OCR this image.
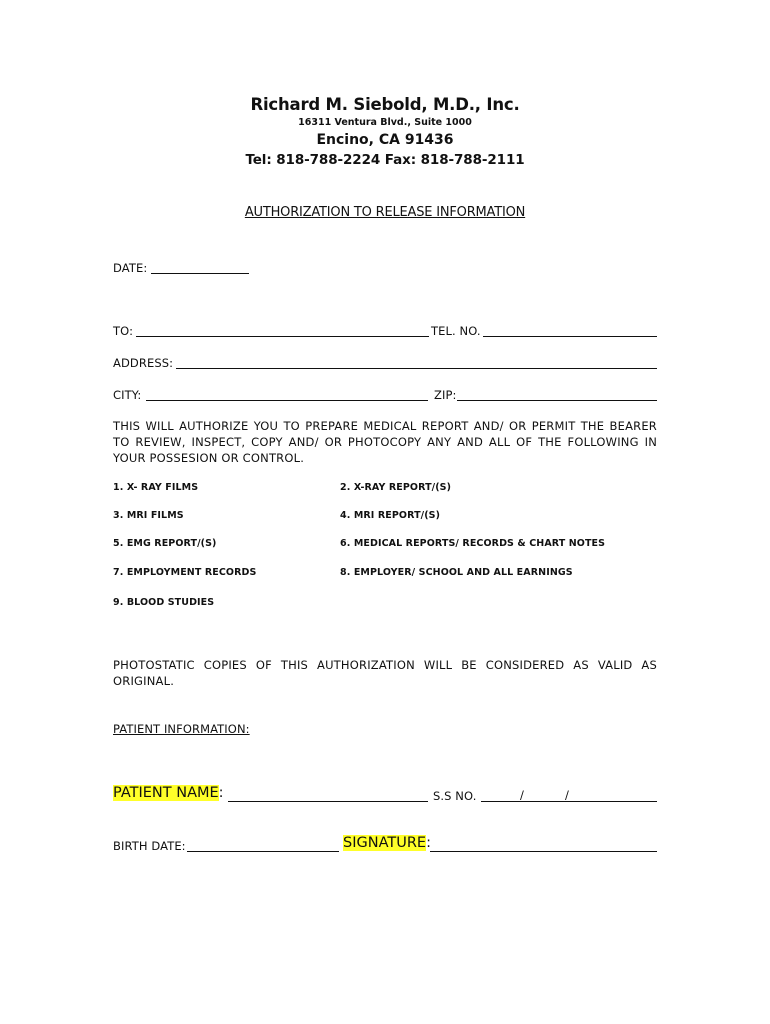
Richard M. Siebold, M.D., Inc.
16311 Ventura Blvd., Suite 1000
Encino, CA 91436
Tel: 818-788-2224 Fax: 818-788-2111
AUTHORIZATION TO RELEASE INFORMATION
DATE:
TO:	TEL. NO.
ADDRESS:
CITY:	ZIP:
THIS WILL AUTHORIZE YOU TO PREPARE MEDICAL REPORT AND/ OR PERMIT THE BEARER TO REVIEW, INSPECT, COPY AND/ OR PHOTOCOPY ANY AND ALL OF THE FOLLOWING IN YOUR POSSESION OR CONTROL.
1. X- RAY FILMS	2. X-RAY REPORT/(S)
3. MRI FILMS	4. MRI REPORT/(S)
5. EMG REPORT/(S)	6. MEDICAL REPORTS/ RECORDS & CHART NOTES
7. EMPLOYMENT RECORDS	8. EMPLOYER/ SCHOOL AND ALL EARNINGS
9. BLOOD STUDIES
PHOTOSTATIC COPIES OF THIS AUTHORIZATION WILL BE CONSIDERED AS VALID AS ORIGINAL.
PATIENT INFORMATION:
PATIENT NAME:	S.S NO.	/	/
BIRTH DATE:	SIGNATURE:
